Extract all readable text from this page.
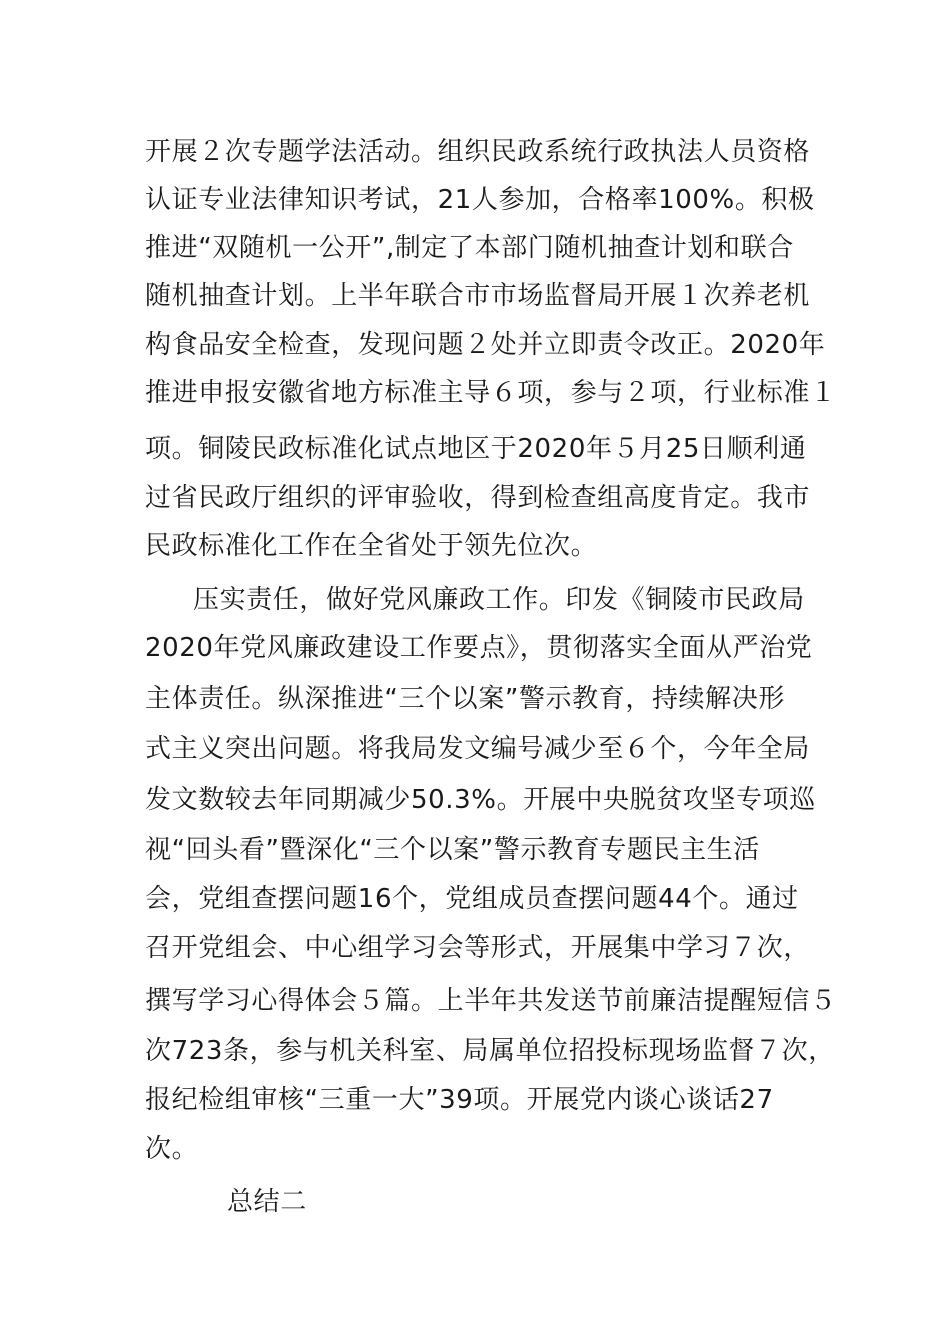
开展２次专题学法活动。组织民政系统行政执法人员资格
认证专业法律知识考试，21人参加，合格率100%。积极
推进“双随机一公开”,制定了本部门随机抽查计划和联合
随机抽查计划。上半年联合市市场监督局开展１次养老机
构食品安全检查，发现问题２处并立即责令改正。2020年
推进申报安徽省地方标准主导６项，参与２项，行业标准１
项。铜陵民政标准化试点地区于2020年５月25日顺利通
过省民政厅组织的评审验收，得到检查组高度肯定。我市
民政标准化工作在全省处于领先位次。
压实责任，做好党风廉政工作。印发《铜陵市民政局
2020年党风廉政建设工作要点》，贯彻落实全面从严治党
主体责任。纵深推进“三个以案”警示教育，持续解决形
式主义突出问题。将我局发文编号减少至６个，今年全局
发文数较去年同期减少50.3%。开展中央脱贫攻坚专项巡
视“回头看”暨深化“三个以案”警示教育专题民主生活
会，党组查摆问题16个，党组成员查摆问题44个。通过
召开党组会、中心组学习会等形式，开展集中学习７次，
撰写学习心得体会５篇。上半年共发送节前廉洁提醒短信５
次723条，参与机关科室、局属单位招投标现场监督７次，
报纪检组审核“三重一大”39项。开展党内谈心谈话27
次。
总结二
